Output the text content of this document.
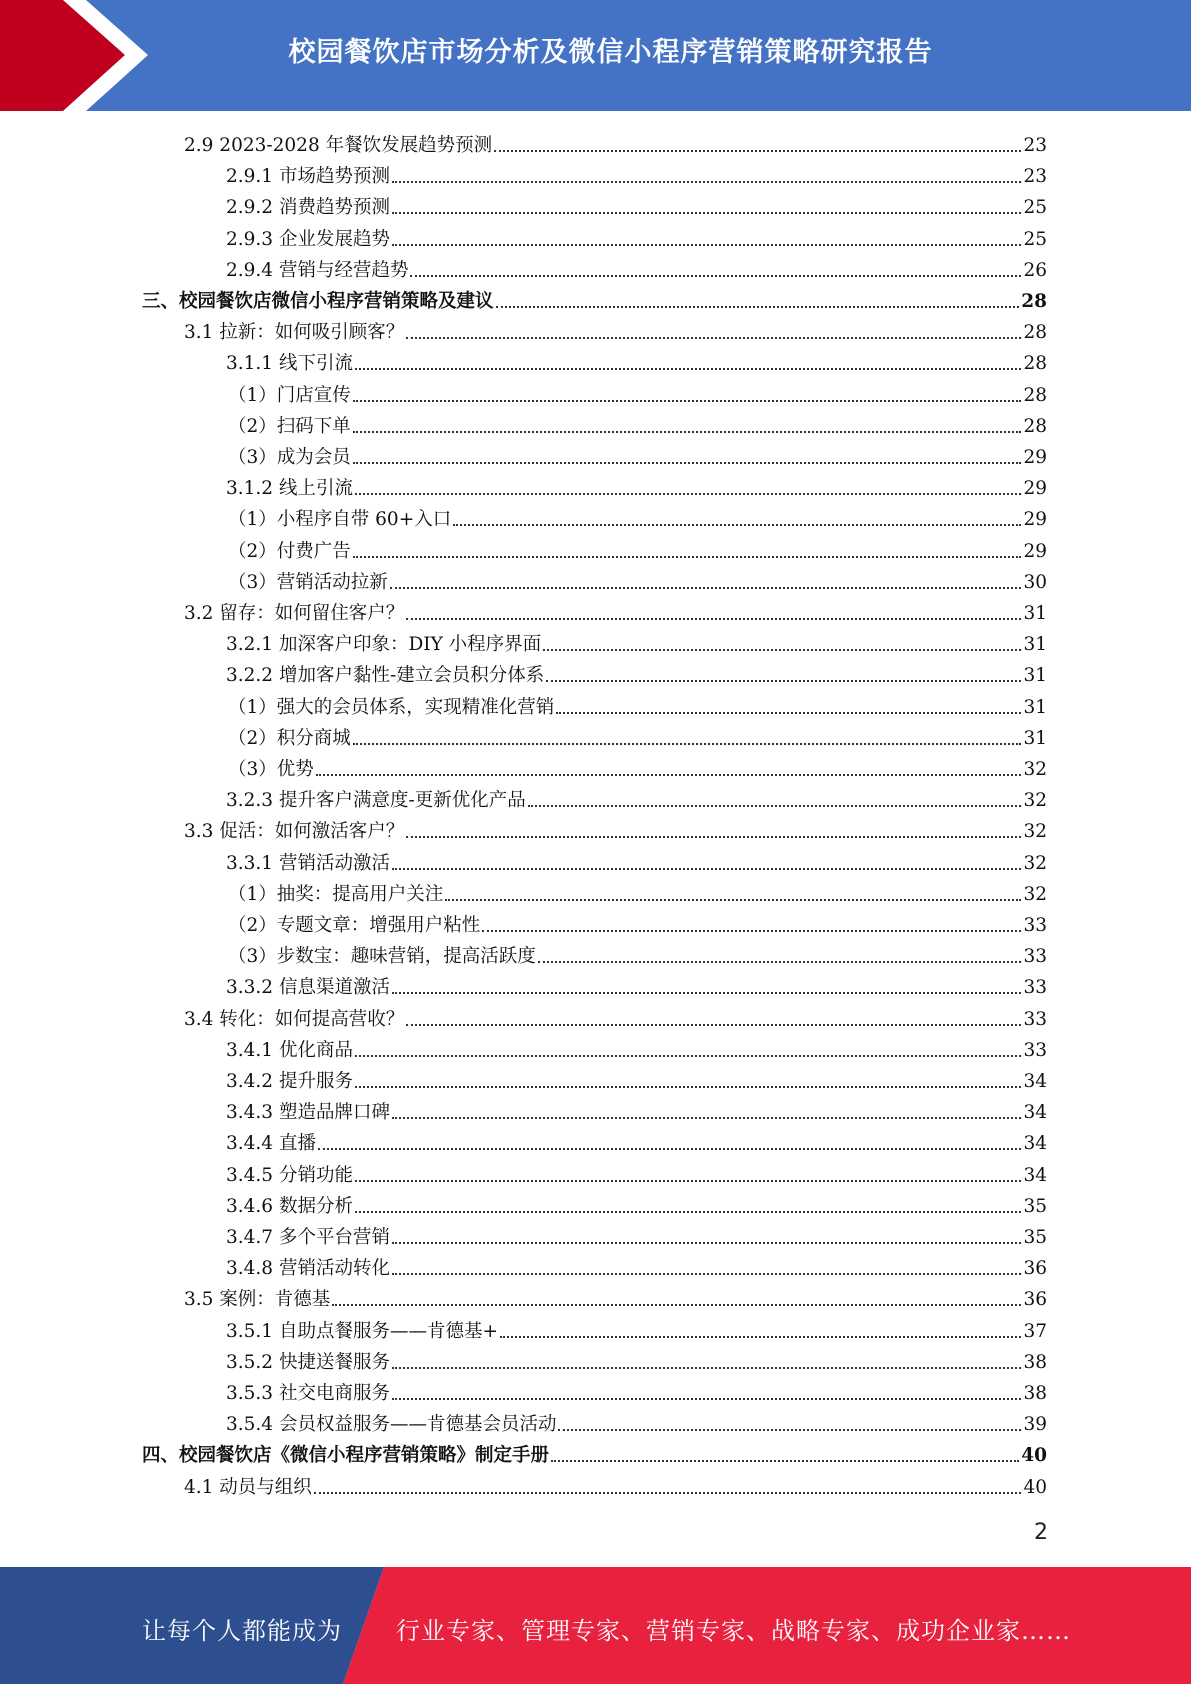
校园餐饮店市场分析及微信小程序营销策略研究报告
2.9 2023-2028 年餐饮发展趋势预测	23
2.9.1 市场趋势预测	23
2.9.2 消费趋势预测	25
2.9.3 企业发展趋势	25
2.9.4 营销与经营趋势	26
三、校园餐饮店微信小程序营销策略及建议	28
3.1 拉新：如何吸引顾客？	28
3.1.1 线下引流	28
（1）门店宣传	28
（2）扫码下单	28
（3）成为会员	29
3.1.2 线上引流	29
（1）小程序自带 60+入口	29
（2）付费广告	29
（3）营销活动拉新	30
3.2 留存：如何留住客户？	31
3.2.1 加深客户印象：DIY 小程序界面	31
3.2.2 增加客户黏性-建立会员积分体系	31
（1）强大的会员体系，实现精准化营销	31
（2）积分商城	31
（3）优势	32
3.2.3 提升客户满意度-更新优化产品	32
3.3 促活：如何激活客户？	32
3.3.1 营销活动激活	32
（1）抽奖：提高用户关注	32
（2）专题文章：增强用户粘性	33
（3）步数宝：趣味营销，提高活跃度	33
3.3.2 信息渠道激活	33
3.4 转化：如何提高营收？	33
3.4.1 优化商品	33
3.4.2 提升服务	34
3.4.3 塑造品牌口碑	34
3.4.4 直播	34
3.4.5 分销功能	34
3.4.6 数据分析	35
3.4.7 多个平台营销	35
3.4.8 营销活动转化	36
3.5 案例：肯德基	36
3.5.1 自助点餐服务——肯德基+	37
3.5.2 快捷送餐服务	38
3.5.3 社交电商服务	38
3.5.4 会员权益服务——肯德基会员活动	39
四、校园餐饮店《微信小程序营销策略》制定手册	40
4.1 动员与组织	40
2
让每个人都能成为 行业专家、管理专家、营销专家、战略专家、成功企业家……
